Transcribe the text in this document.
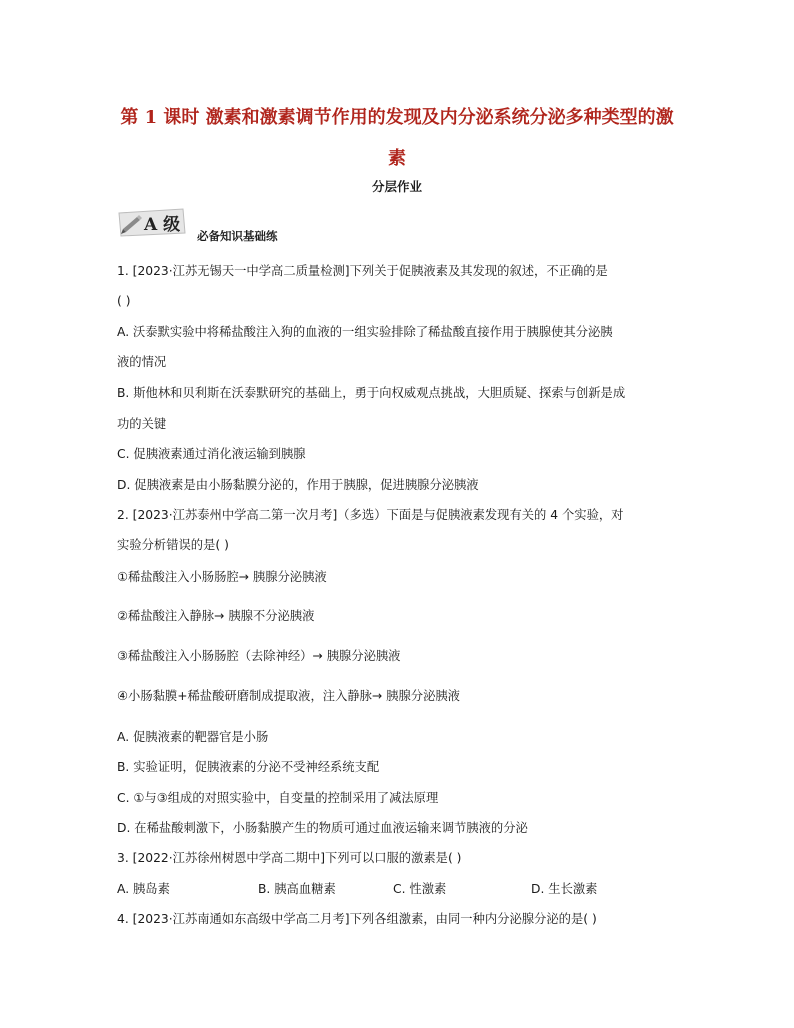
第 1 课时 激素和激素调节作用的发现及内分泌系统分泌多种类型的激
素
分层作业
A 级
必备知识基础练
1. [2023·江苏无锡天一中学高二质量检测]下列关于促胰液素及其发现的叙述，不正确的是
( )
A. 沃泰默实验中将稀盐酸注入狗的血液的一组实验排除了稀盐酸直接作用于胰腺使其分泌胰
液的情况
B. 斯他林和贝利斯在沃泰默研究的基础上，勇于向权威观点挑战，大胆质疑、探索与创新是成
功的关键
C. 促胰液素通过消化液运输到胰腺
D. 促胰液素是由小肠黏膜分泌的，作用于胰腺，促进胰腺分泌胰液
2. [2023·江苏泰州中学高二第一次月考]（多选）下面是与促胰液素发现有关的 4 个实验，对
实验分析错误的是( )
①稀盐酸注入小肠肠腔→ 胰腺分泌胰液
②稀盐酸注入静脉→ 胰腺不分泌胰液
③稀盐酸注入小肠肠腔（去除神经）→ 胰腺分泌胰液
④小肠黏膜+稀盐酸研磨制成提取液，注入静脉→ 胰腺分泌胰液
A. 促胰液素的靶器官是小肠
B. 实验证明，促胰液素的分泌不受神经系统支配
C. ①与③组成的对照实验中，自变量的控制采用了减法原理
D. 在稀盐酸刺激下，小肠黏膜产生的物质可通过血液运输来调节胰液的分泌
3. [2022·江苏徐州树恩中学高二期中]下列可以口服的激素是( )
A. 胰岛素	B. 胰高血糖素	C. 性激素	D. 生长激素
4. [2023·江苏南通如东高级中学高二月考]下列各组激素，由同一种内分泌腺分泌的是( )
